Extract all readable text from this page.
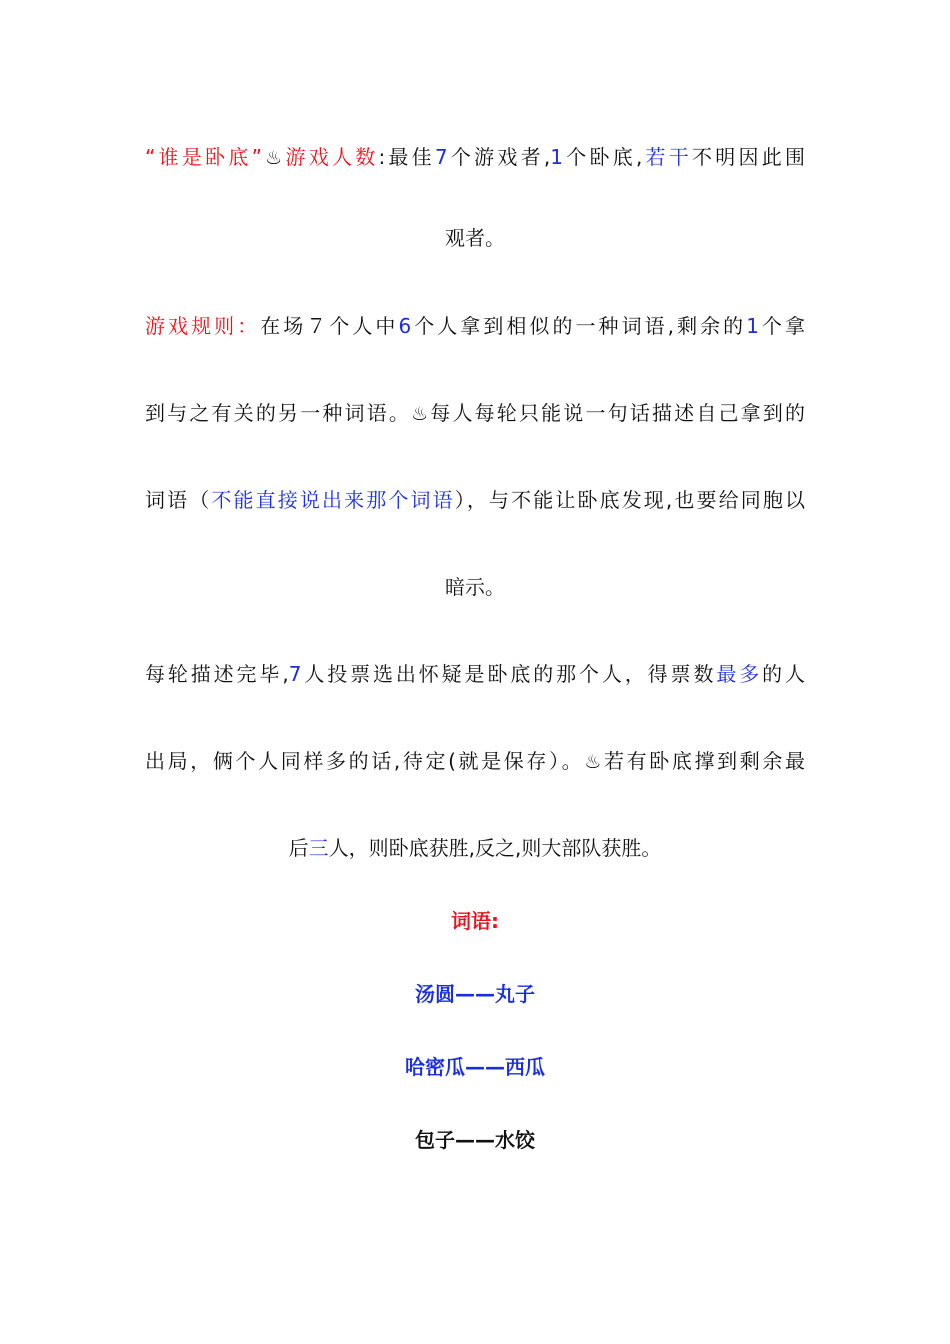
“谁是卧底”♨游戏人数:最佳7个游戏者,1个卧底,若干不明因此围
观者。
游戏规则：在场７个人中6个人拿到相似的一种词语,剩余的1个拿
到与之有关的另一种词语。♨每人每轮只能说一句话描述自己拿到的
词语（不能直接说出来那个词语），与不能让卧底发现,也要给同胞以
暗示。
每轮描述完毕,7人投票选出怀疑是卧底的那个人，得票数最多的人
出局，俩个人同样多的话,待定(就是保存）。♨若有卧底撑到剩余最
后三人，则卧底获胜,反之,则大部队获胜。
词语:
汤圆——丸子
哈密瓜——西瓜
包子——水饺
